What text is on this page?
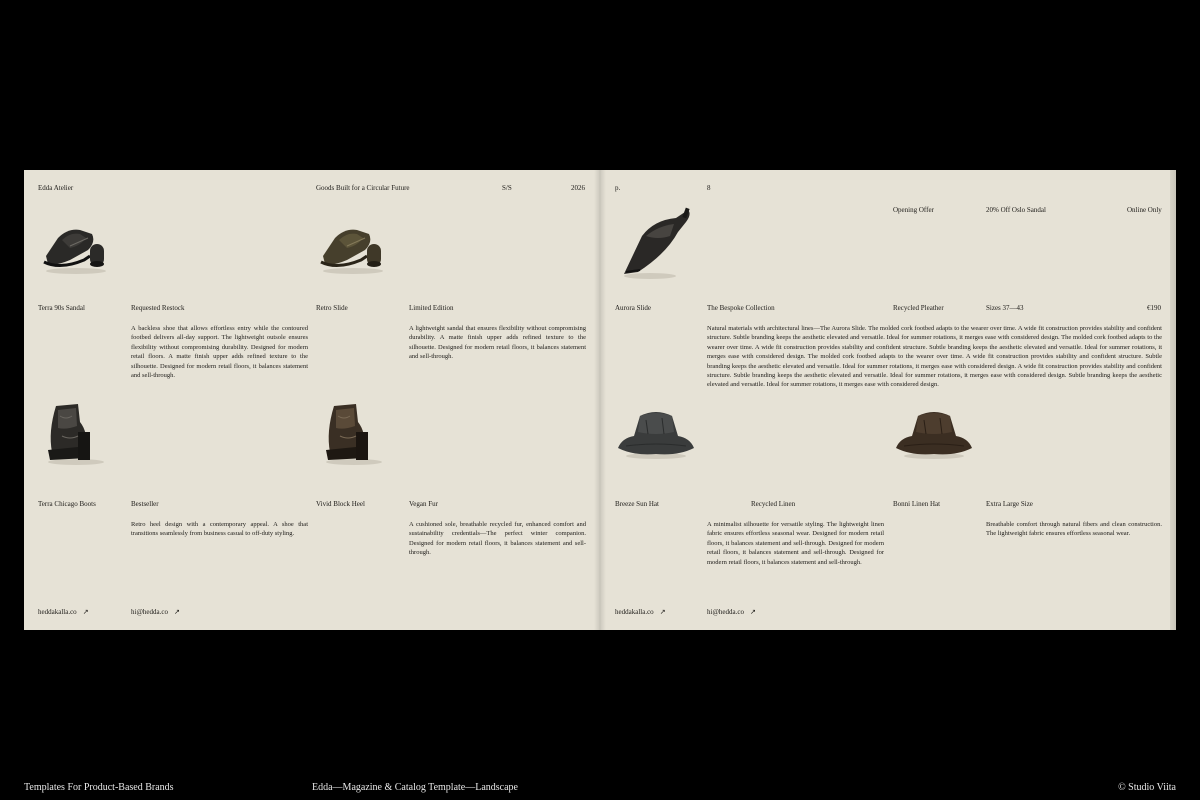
Edda Atelier	Goods Built for a Circular Future	S/S	2026
Terra 90s Sandal	Requested Restock
A backless shoe that allows effortless entry while the contoured footbed delivers all-day support. The lightweight outsole ensures flexibility without compromising durability. Designed for modern retail floors. A matte finish upper adds refined texture to the silhouette. Designed for modern retail floors, it balances statement and sell-through.
Retro Slide	Limited Edition
A lightweight sandal that ensures flexibility without compromising durability. A matte finish upper adds refined texture to the silhouette. Designed for modern retail floors, it balances statement and sell-through.
Terra Chicago Boots	Bestseller
Retro heel design with a contemporary appeal. A shoe that transitions seamlessly from business casual to off-duty styling.
Vivid Block Heel	Vegan Fur
A cushioned sole, breathable recycled fur, enhanced comfort and sustainability credentials—The perfect winter companion. Designed for modern retail floors, it balances statement and sell-through.
heddakalla.co ↗	hi@hedda.co ↗
p.	8
Opening Offer	20% Off Oslo Sandal	Online Only
Aurora Slide	The Bespoke Collection	Recycled Pleather	Sizes 37—43	€190
Natural materials with architectural lines—The Aurora Slide. The molded cork footbed adapts to the wearer over time. A wide fit construction provides stability and confident structure. Subtle branding keeps the aesthetic elevated and versatile. Ideal for summer rotations, it merges ease with considered design. The molded cork footbed adapts to the wearer over time. A wide fit construction provides stability and confident structure. Subtle branding keeps the aesthetic elevated and versatile. Ideal for summer rotations, it merges ease with considered design. The molded cork footbed adapts to the wearer over time. A wide fit construction provides stability and confident structure. Subtle branding keeps the aesthetic elevated and versatile. Ideal for summer rotations, it merges ease with considered design. A wide fit construction provides stability and confident structure. Subtle branding keeps the aesthetic elevated and versatile. Ideal for summer rotations, it merges ease with considered design. Subtle branding keeps the aesthetic elevated and versatile. Ideal for summer rotations, it merges ease with considered design.
Breeze Sun Hat	Recycled Linen
A minimalist silhouette for versatile styling. The lightweight linen fabric ensures effortless seasonal wear. Designed for modern retail floors, it balances statement and sell-through. Designed for modern retail floors, it balances statement and sell-through. Designed for modern retail floors, it balances statement and sell-through.
Bonni Linen Hat	Extra Large Size
Breathable comfort through natural fibers and clean construction. The lightweight fabric ensures effortless seasonal wear.
heddakalla.co ↗	hi@hedda.co ↗
Templates For Product-Based Brands	Edda—Magazine & Catalog Template—Landscape	© Studio Viita
